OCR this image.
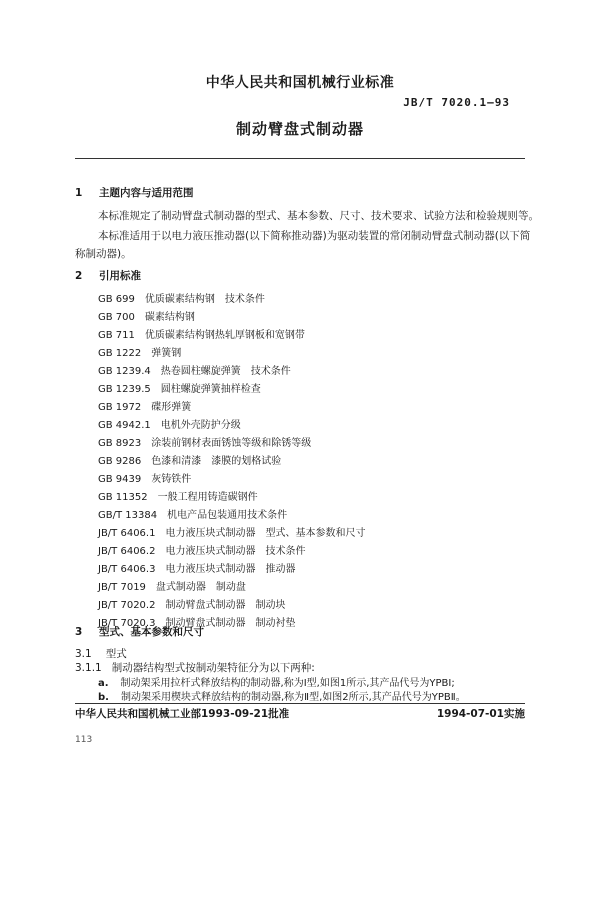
中华人民共和国机械行业标准
JB/T 7020.1—93
制动臂盘式制动器
1 主题内容与适用范围
本标准规定了制动臂盘式制动器的型式、基本参数、尺寸、技术要求、试验方法和检验规则等。
本标准适用于以电力液压推动器(以下简称推动器)为驱动装置的常闭制动臂盘式制动器(以下简
称制动器)。
2 引用标准
GB 699 优质碳素结构钢　技术条件
GB 700 碳素结构钢
GB 711 优质碳素结构钢热轧厚钢板和宽钢带
GB 1222 弹簧钢
GB 1239.4 热卷圆柱螺旋弹簧　技术条件
GB 1239.5 圆柱螺旋弹簧抽样检查
GB 1972 碟形弹簧
GB 4942.1 电机外壳防护分级
GB 8923 涂装前钢材表面锈蚀等级和除锈等级
GB 9286 色漆和清漆　漆膜的划格试验
GB 9439 灰铸铁件
GB 11352 一般工程用铸造碳钢件
GB/T 13384 机电产品包装通用技术条件
JB/T 6406.1 电力液压块式制动器　型式、基本参数和尺寸
JB/T 6406.2 电力液压块式制动器　技术条件
JB/T 6406.3 电力液压块式制动器　推动器
JB/T 7019 盘式制动器　制动盘
JB/T 7020.2 制动臂盘式制动器　制动块
JB/T 7020.3 制动臂盘式制动器　制动衬垫
3 型式、基本参数和尺寸
3.1 型式
3.1.1 制动器结构型式按制动架特征分为以下两种:
a. 制动架采用拉杆式释放结构的制动器,称为Ⅰ型,如图1所示,其产品代号为YPBⅠ;
中华人民共和国机械工业部1993-09-21批准	1994-07-01实施
113
b. 制动架采用楔块式释放结构的制动器,称为Ⅱ型,如图2所示,其产品代号为YPBⅡ。
